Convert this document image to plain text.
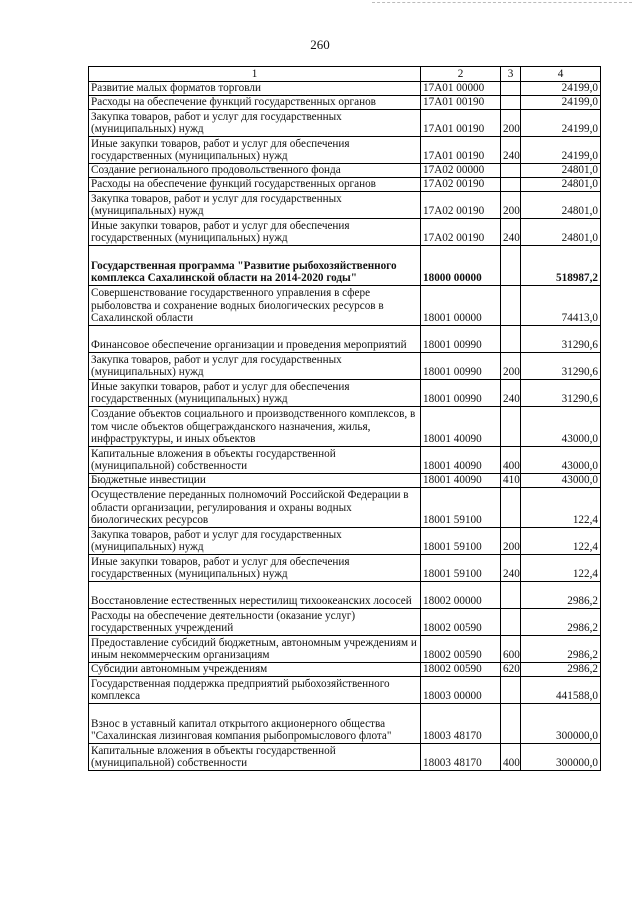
260
1	2	3	4
Развитие малых форматов торговли	17А01 00000		24199,0
Расходы на обеспечение функций государственных органов	17А01 00190		24199,0
Закупка товаров, работ и услуг для государственных (муниципальных) нужд	17А01 00190	200	24199,0
Иные закупки товаров, работ и услуг для обеспечения государственных (муниципальных) нужд	17А01 00190	240	24199,0
Создание регионального продовольственного фонда	17А02 00000		24801,0
Расходы на обеспечение функций государственных органов	17А02 00190		24801,0
Закупка товаров, работ и услуг для государственных (муниципальных) нужд	17А02 00190	200	24801,0
Иные закупки товаров, работ и услуг для обеспечения государственных (муниципальных) нужд	17А02 00190	240	24801,0
Государственная программа "Развитие рыбохозяйственного комплекса Сахалинской области на 2014-2020 годы"	18000 00000		518987,2
Совершенствование государственного управления в сфере рыболовства и сохранение водных биологических ресурсов в Сахалинской области	18001 00000		74413,0
Финансовое обеспечение организации и проведения мероприятий	18001 00990		31290,6
Закупка товаров, работ и услуг для государственных (муниципальных) нужд	18001 00990	200	31290,6
Иные закупки товаров, работ и услуг для обеспечения государственных (муниципальных) нужд	18001 00990	240	31290,6
Создание объектов социального и производственного комплексов, в том числе объектов общегражданского назначения, жилья, инфраструктуры, и иных объектов	18001 40090		43000,0
Капитальные вложения в объекты государственной (муниципальной) собственности	18001 40090	400	43000,0
Бюджетные инвестиции	18001 40090	410	43000,0
Осуществление переданных полномочий Российской Федерации в области организации, регулирования и охраны водных биологических ресурсов	18001 59100		122,4
Закупка товаров, работ и услуг для государственных (муниципальных) нужд	18001 59100	200	122,4
Иные закупки товаров, работ и услуг для обеспечения государственных (муниципальных) нужд	18001 59100	240	122,4
Восстановление естественных нерестилищ тихоокеанских лососей	18002 00000		2986,2
Расходы на обеспечение деятельности (оказание услуг) государственных учреждений	18002 00590		2986,2
Предоставление субсидий бюджетным, автономным учреждениям и иным некоммерческим организациям	18002 00590	600	2986,2
Субсидии автономным учреждениям	18002 00590	620	2986,2
Государственная поддержка предприятий рыбохозяйственного комплекса	18003 00000		441588,0
Взнос в уставный капитал открытого акционерного общества "Сахалинская лизинговая компания рыбопромыслового флота"	18003 48170		300000,0
Капитальные вложения в объекты государственной (муниципальной) собственности	18003 48170	400	300000,0
